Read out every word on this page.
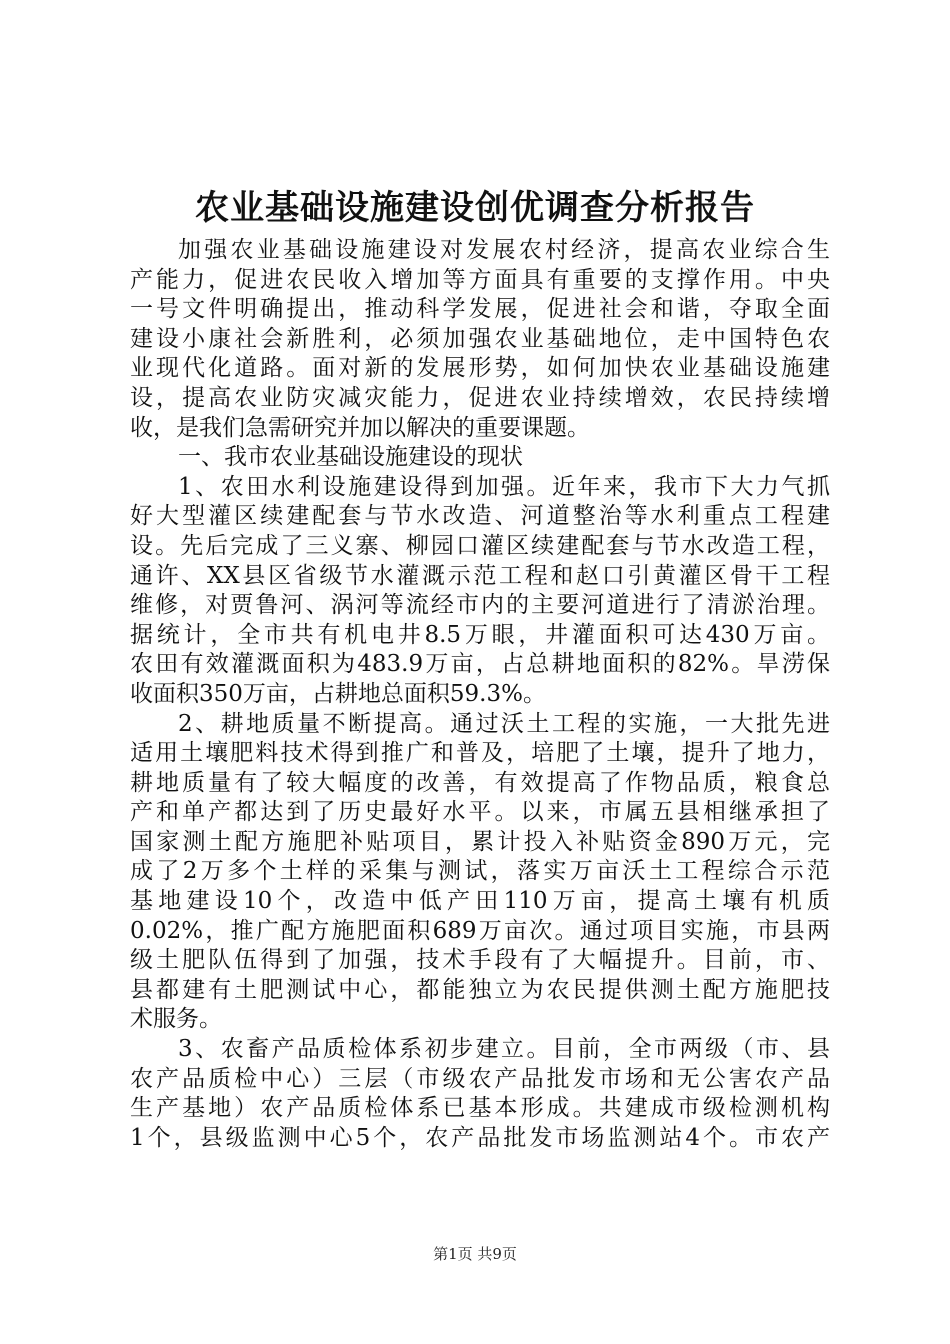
农业基础设施建设创优调查分析报告
加强农业基础设施建设对发展农村经济，提高农业综合生
产能力，促进农民收入增加等方面具有重要的支撑作用。中央
一号文件明确提出，推动科学发展，促进社会和谐，夺取全面
建设小康社会新胜利，必须加强农业基础地位，走中国特色农
业现代化道路。面对新的发展形势，如何加快农业基础设施建
设，提高农业防灾减灾能力，促进农业持续增效，农民持续增
收，是我们急需研究并加以解决的重要课题。
一、我市农业基础设施建设的现状
1、农田水利设施建设得到加强。近年来，我市下大力气抓
好大型灌区续建配套与节水改造、河道整治等水利重点工程建
设。先后完成了三义寨、柳园口灌区续建配套与节水改造工程，
通许、XX县区省级节水灌溉示范工程和赵口引黄灌区骨干工程
维修，对贾鲁河、涡河等流经市内的主要河道进行了清淤治理。
据统计，全市共有机电井8.5万眼，井灌面积可达430万亩。
农田有效灌溉面积为483.9万亩，占总耕地面积的82%。旱涝保
收面积350万亩，占耕地总面积59.3%。
2、耕地质量不断提高。通过沃土工程的实施，一大批先进
适用土壤肥料技术得到推广和普及，培肥了土壤，提升了地力，
耕地质量有了较大幅度的改善，有效提高了作物品质，粮食总
产和单产都达到了历史最好水平。以来，市属五县相继承担了
国家测土配方施肥补贴项目，累计投入补贴资金890万元，完
成了2万多个土样的采集与测试，落实万亩沃土工程综合示范
基地建设10个，改造中低产田110万亩，提高土壤有机质
0.02%，推广配方施肥面积689万亩次。通过项目实施，市县两
级土肥队伍得到了加强，技术手段有了大幅提升。目前，市、
县都建有土肥测试中心，都能独立为农民提供测土配方施肥技
术服务。
3、农畜产品质检体系初步建立。目前，全市两级（市、县
农产品质检中心）三层（市级农产品批发市场和无公害农产品
生产基地）农产品质检体系已基本形成。共建成市级检测机构
1个，县级监测中心5个，农产品批发市场监测站4个。市农产
第1页 共9页
